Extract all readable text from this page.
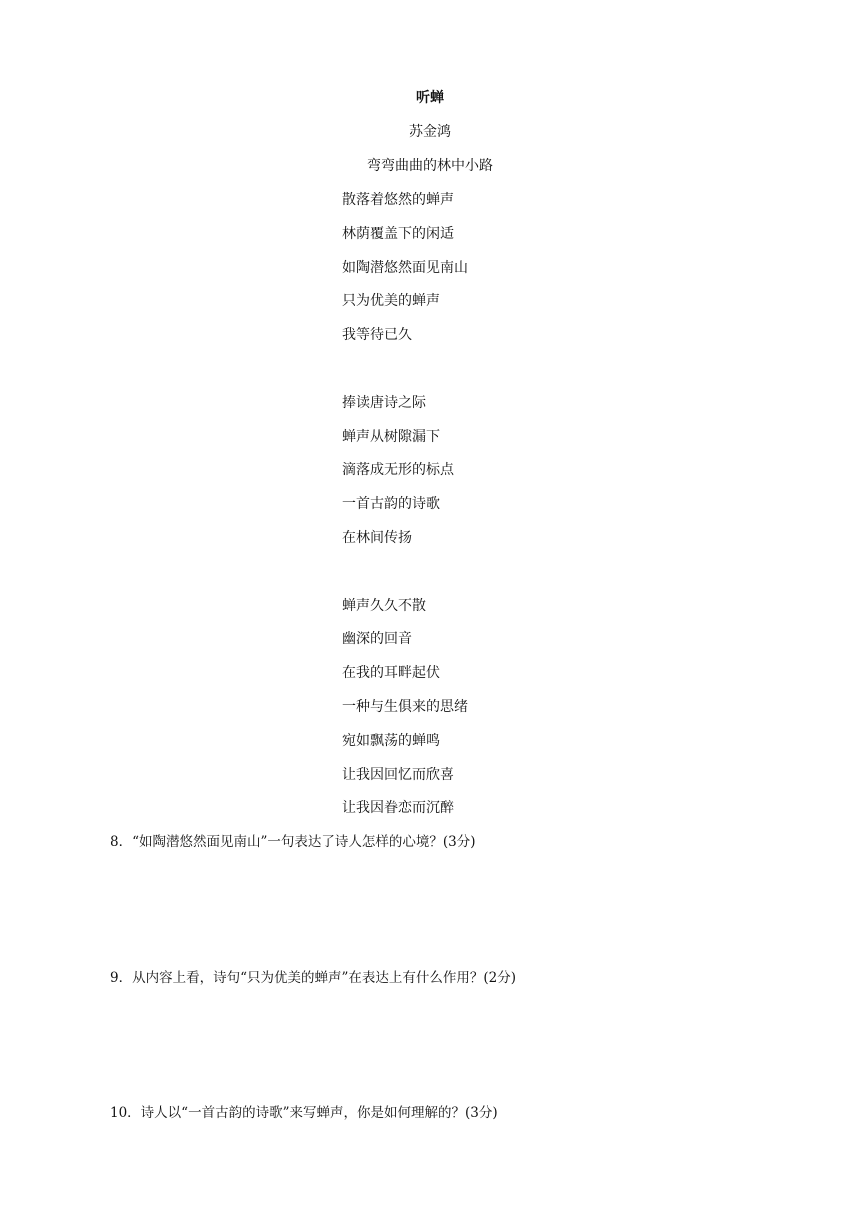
听蝉
苏金鸿
弯弯曲曲的林中小路
散落着悠然的蝉声
林荫覆盖下的闲适
如陶潜悠然面见南山
只为优美的蝉声
我等待已久
捧读唐诗之际
蝉声从树隙漏下
滴落成无形的标点
一首古韵的诗歌
在林间传扬
蝉声久久不散
幽深的回音
在我的耳畔起伏
一种与生俱来的思绪
宛如飘荡的蝉鸣
让我因回忆而欣喜
让我因眷恋而沉醉
8．“如陶潜悠然面见南山”一句表达了诗人怎样的心境？(3分)
9．从内容上看，诗句“只为优美的蝉声”在表达上有什么作用？(2分)
10．诗人以“一首古韵的诗歌”来写蝉声，你是如何理解的？(3分)
